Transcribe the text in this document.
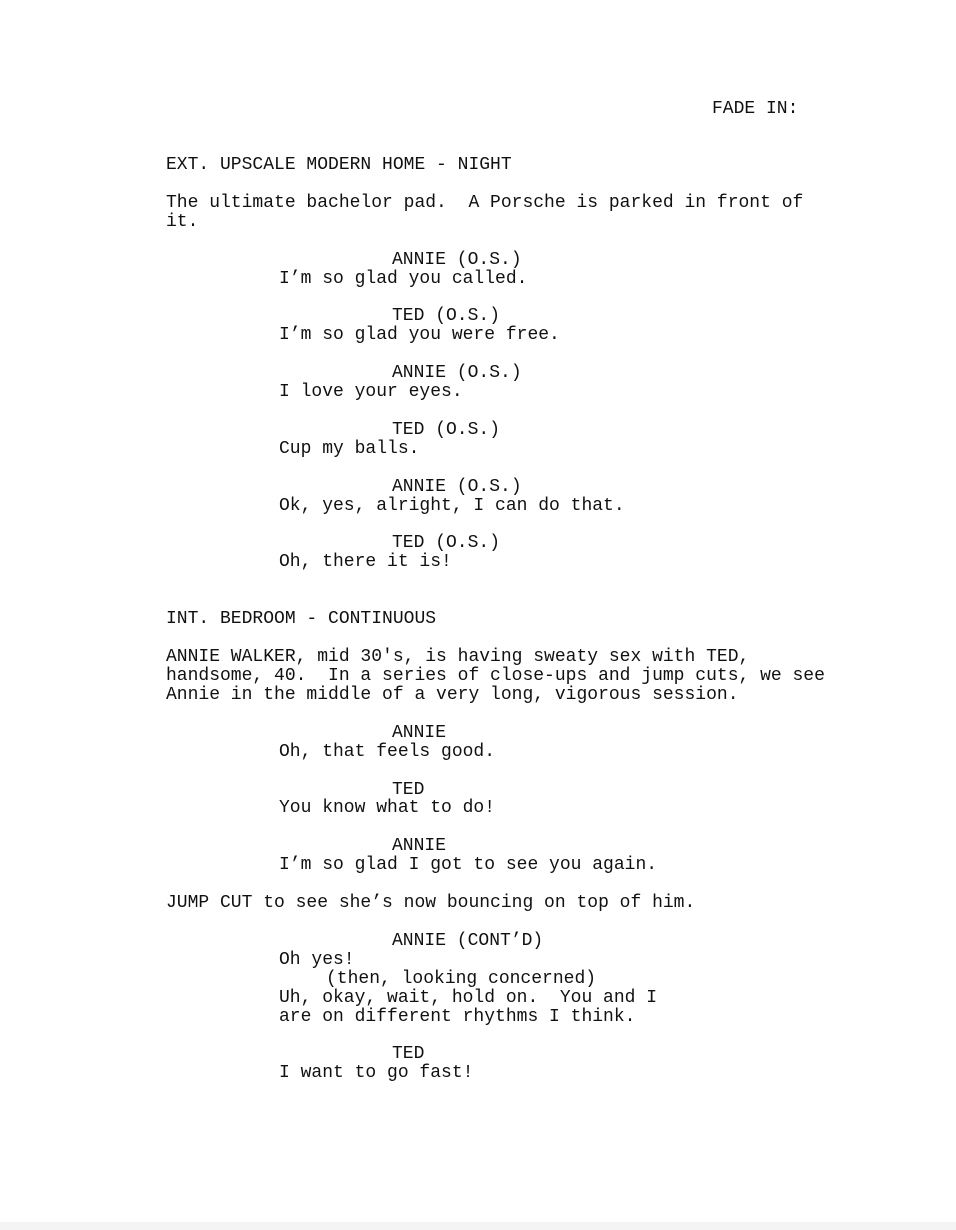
FADE IN:
EXT. UPSCALE MODERN HOME - NIGHT
The ultimate bachelor pad.  A Porsche is parked in front of
it.
ANNIE (O.S.)
I’m so glad you called.
TED (O.S.)
I’m so glad you were free.
ANNIE (O.S.)
I love your eyes.
TED (O.S.)
Cup my balls.
ANNIE (O.S.)
Ok, yes, alright, I can do that.
TED (O.S.)
Oh, there it is!
INT. BEDROOM - CONTINUOUS
ANNIE WALKER, mid 30's, is having sweaty sex with TED,
handsome, 40.  In a series of close-ups and jump cuts, we see
Annie in the middle of a very long, vigorous session.
ANNIE
Oh, that feels good.
TED
You know what to do!
ANNIE
I’m so glad I got to see you again.
JUMP CUT to see she’s now bouncing on top of him.
ANNIE (CONT’D)
Oh yes!
(then, looking concerned)
Uh, okay, wait, hold on.  You and I
are on different rhythms I think.
TED
I want to go fast!
